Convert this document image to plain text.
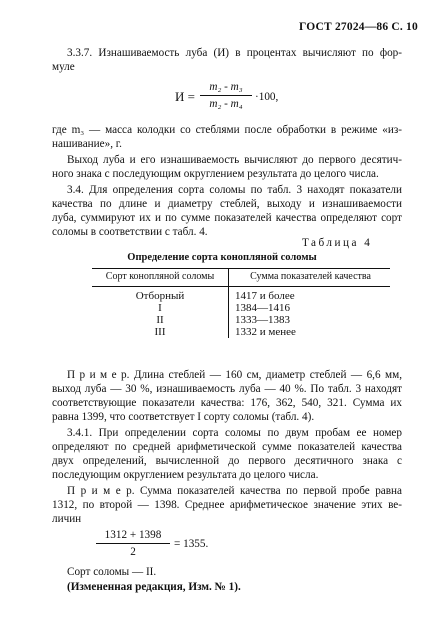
ГОСТ 27024—86 С. 10
3.3.7. Изнашиваемость луба (И) в процентах вычисляют по фор-
муле
$И = \frac{\text{m₂ - m₃}}{\text{m₂ - m₄}} \cdot 100$,
где m₃ — масса колодки со стеблями после обработки в режиме «из-
нашивание», г.
Выход луба и его изнашиваемость вычисляют до первого десятич-
ного знака с последующим округлением результата до целого числа.
3.4. Для определения сорта соломы по табл. 3 находят показатели
качества по длине и диаметру стеблей, выходу и изнашиваемости
луба, суммируют их и по сумме показателей качества определяют сорт
соломы в соответствии с табл. 4.
Таблица 4
Определение сорта конопляной соломы
Сорт конопляной соломы	Сумма показателей качества
Отборный	1417 и более
I	1384—1416
II	1333—1383
III	1332 и менее
П р и м е р. Длина стеблей — 160 см, диаметр стеблей — 6,6 мм,
выход луба — 30 %, изнашиваемость луба — 40 %. По табл. 3 находят
соответствующие показатели качества: 176, 362, 540, 321. Сумма их
равна 1399, что соответствует I сорту соломы (табл. 4).
3.4.1. При определении сорта соломы по двум пробам ее номер
определяют по средней арифметической сумме показателей качества
двух определений, вычисленной до первого десятичного знака с
последующим округлением результата до целого числа.
П р и м е р. Сумма показателей качества по первой пробе равна
1312, по второй — 1398. Среднее арифметическое значение этих ве-
личин
$\frac{1312 + 1398}{2} = 1355$.
Сорт соломы — II.
(Измененная редакция, Изм. № 1).
